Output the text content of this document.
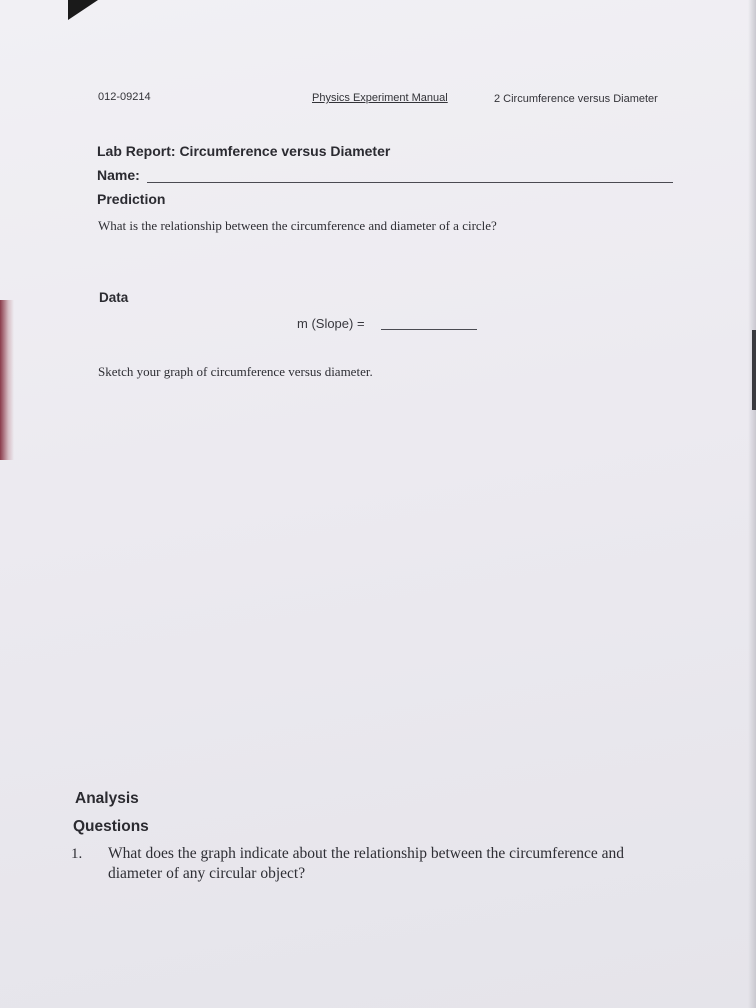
012-09214	Physics Experiment Manual	2 Circumference versus Diameter
Lab Report: Circumference versus Diameter
Name:
Prediction
What is the relationship between the circumference and diameter of a circle?
Data
m (Slope) =
Sketch your graph of circumference versus diameter.
Analysis
Questions
1. What does the graph indicate about the relationship between the circumference and diameter of any circular object?
